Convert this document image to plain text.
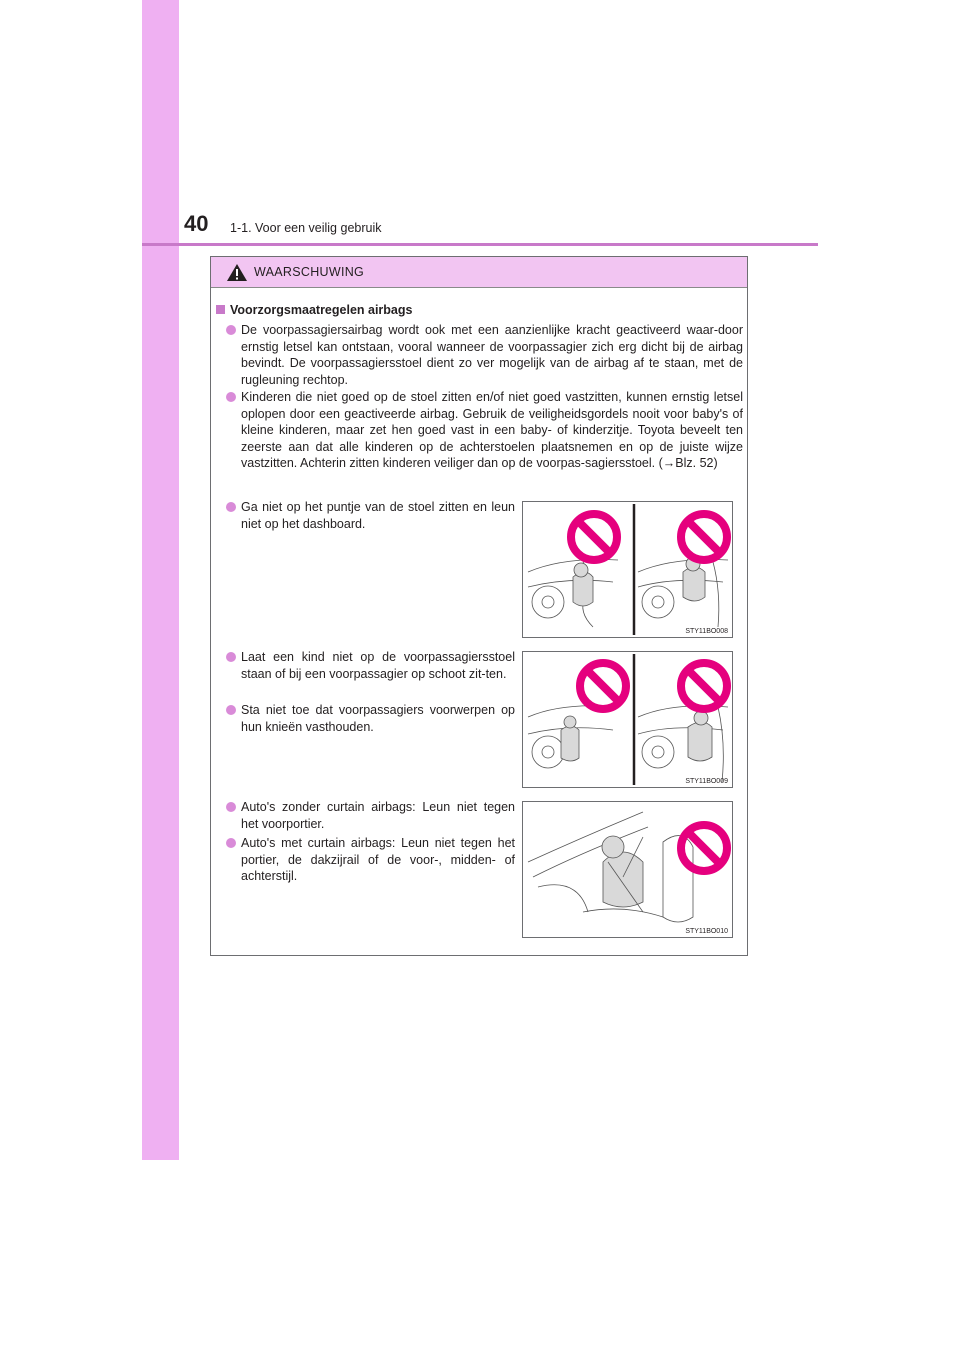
40 1-1. Voor een veilig gebruik
WAARSCHUWING
Voorzorgsmaatregelen airbags
De voorpassagiersairbag wordt ook met een aanzienlijke kracht geactiveerd waar-door ernstig letsel kan ontstaan, vooral wanneer de voorpassagier zich erg dicht bij de airbag bevindt. De voorpassagiersstoel dient zo ver mogelijk van de airbag af te staan, met de rugleuning rechtop.
Kinderen die niet goed op de stoel zitten en/of niet goed vastzitten, kunnen ernstig letsel oplopen door een geactiveerde airbag. Gebruik de veiligheidsgordels nooit voor baby's of kleine kinderen, maar zet hen goed vast in een baby- of kinderzitje. Toyota beveelt ten zeerste aan dat alle kinderen op de achterstoelen plaatsnemen en op de juiste wijze vastzitten. Achterin zitten kinderen veiliger dan op de voorpas-sagiersstoel. (→Blz. 52)
Ga niet op het puntje van de stoel zitten en leun niet op het dashboard.
Laat een kind niet op de voorpassagiersstoel staan of bij een voorpassagier op schoot zit-ten.
Sta niet toe dat voorpassagiers voorwerpen op hun knieën vasthouden.
Auto's zonder curtain airbags: Leun niet tegen het voorportier.
Auto's met curtain airbags: Leun niet tegen het portier, de dakzijrail of de voor-, midden- of achterstijl.
STY11BO008
STY11BO009
STY11BO010
